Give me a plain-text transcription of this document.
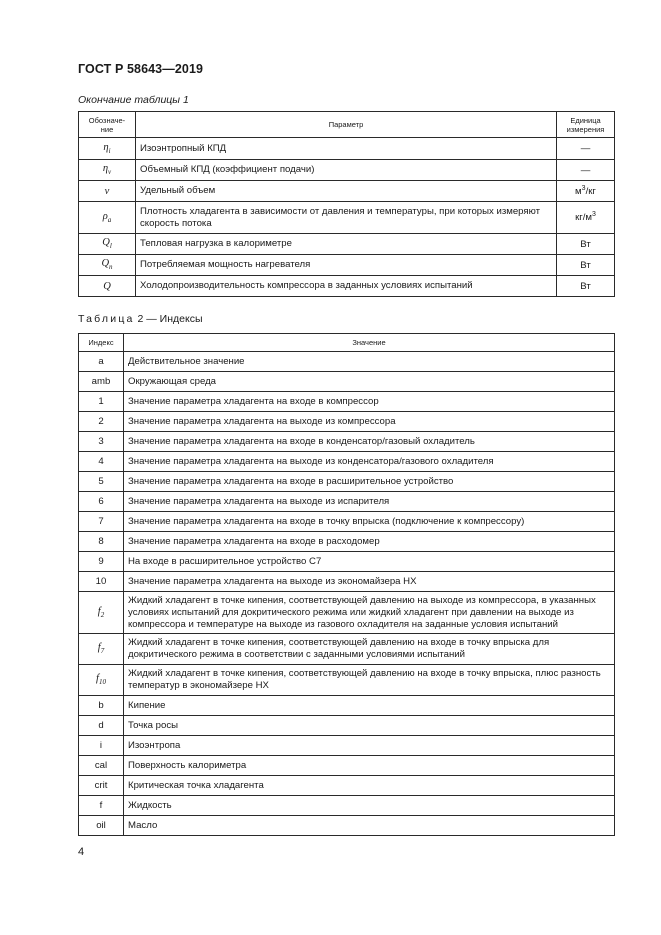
ГОСТ Р 58643—2019
Окончание таблицы 1
Обозначе-ние	Параметр	Единица измерения
$\eta_i$	Изоэнтропный КПД	—
$\eta_v$	Объемный КПД (коэффициент подачи)	—
v	Удельный объем	$м^3/кг$
$\rho_a$	Плотность хладагента в зависимости от давления и температуры, при которых измеряют скорость потока	$кг/м^3$
$Q_l$	Тепловая нагрузка в калориметре	Вт
$Q_n$	Потребляемая мощность нагревателя	Вт
Q	Холодопроизводительность компрессора в заданных условиях испытаний	Вт
Таблица 2 — Индексы
Индекс	Значение
a	Действительное значение
amb	Окружающая среда
1	Значение параметра хладагента на входе в компрессор
2	Значение параметра хладагента на выходе из компрессора
3	Значение параметра хладагента на входе в конденсатор/газовый охладитель
4	Значение параметра хладагента на выходе из конденсатора/газового охладителя
5	Значение параметра хладагента на входе в расширительное устройство
6	Значение параметра хладагента на выходе из испарителя
7	Значение параметра хладагента на входе в точку впрыска (подключение к компрессору)
8	Значение параметра хладагента на входе в расходомер
9	На входе в расширительное устройство С7
10	Значение параметра хладагента на выходе из экономайзера НХ
$f_2$	Жидкий хладагент в точке кипения, соответствующей давлению на выходе из компрессора, в указанных условиях испытаний для докритического режима или жидкий хладагент при давлении на выходе из компрессора и температуре на выходе из газового охладителя на заданные условия испытаний
$f_7$	Жидкий хладагент в точке кипения, соответствующей давлению на входе в точку впрыска для докритического режима в соответствии с заданными условиями испытаний
$f_{10}$	Жидкий хладагент в точке кипения, соответствующей давлению на входе в точку впрыска, плюс разность температур в экономайзере НХ
b	Кипение
d	Точка росы
i	Изоэнтропа
cal	Поверхность калориметра
crit	Критическая точка хладагента
f	Жидкость
oil	Масло
4
